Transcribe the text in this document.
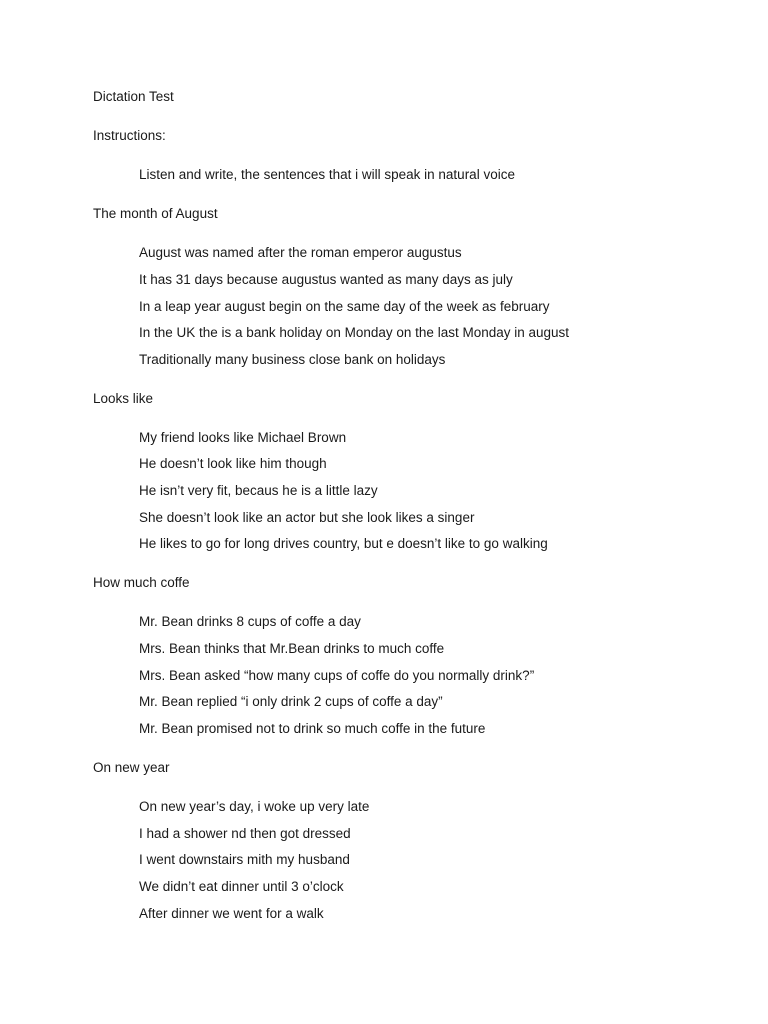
Dictation Test
Instructions:
Listen and write, the sentences that i will speak in natural voice
The month of August
August was named after the roman emperor augustus
It has 31 days because augustus wanted as many days as july
In a leap year august begin on the same day of the week as february
In the UK the is a bank holiday on Monday on the last Monday in august
Traditionally many business close bank on holidays
Looks like
My friend looks like Michael Brown
He doesn’t look like him though
He isn’t very fit, becaus he is a little lazy
She doesn’t look like an actor but she look likes a singer
He likes to go for long drives country, but e doesn’t like to go walking
How much coffe
Mr. Bean drinks 8 cups of coffe a day
Mrs. Bean thinks that Mr.Bean drinks to much coffe
Mrs. Bean asked “how many cups of coffe do you normally drink?”
Mr. Bean replied “i only drink 2 cups of coffe a day”
Mr. Bean promised not to drink so much coffe in the future
On new year
On new year’s day, i woke up very late
I had a shower nd then got dressed
I went downstairs mith my husband
We didn’t eat dinner until 3 o’clock
After dinner we went for a walk
